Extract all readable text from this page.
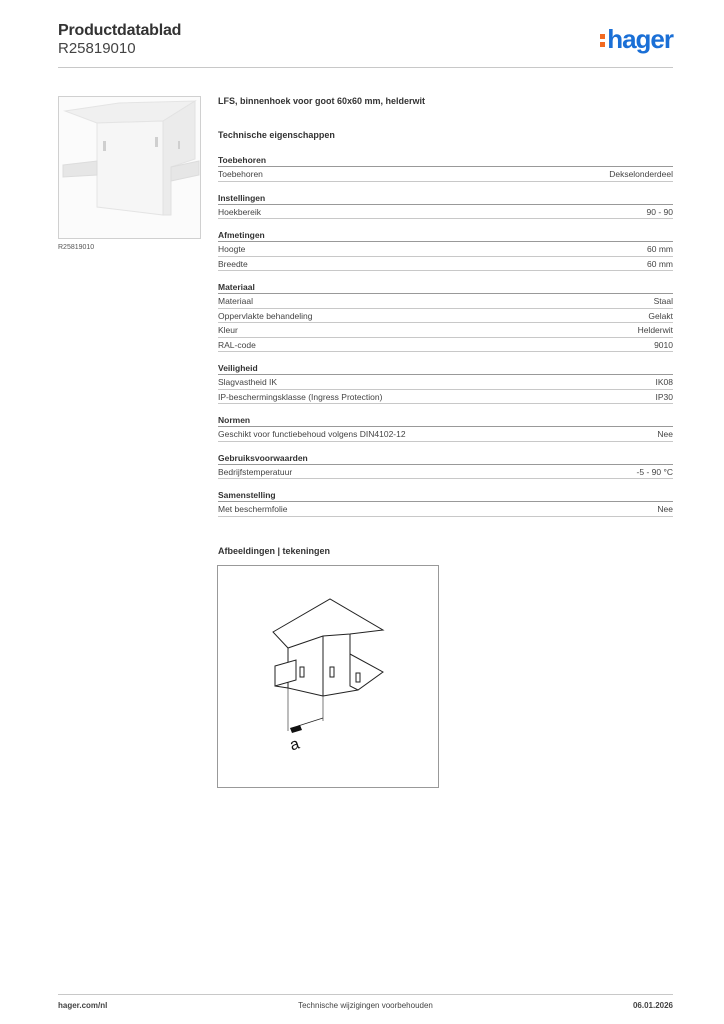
Productdatablad
R25819010	hager
R25819010
LFS, binnenhoek voor goot 60x60 mm, helderwit
Technische eigenschappen
Toebehoren
Toebehoren	Dekselonderdeel
Instellingen
Hoekbereik	90 - 90
Afmetingen
Hoogte	60 mm
Breedte	60 mm
Materiaal
Materiaal	Staal
Oppervlakte behandeling	Gelakt
Kleur	Helderwit
RAL-code	9010
Veiligheid
Slagvastheid IK	IK08
IP-beschermingsklasse (Ingress Protection)	IP30
Normen
Geschikt voor functiebehoud volgens DIN4102-12	Nee
Gebruiksvoorwaarden
Bedrijfstemperatuur	-5 - 90 °C
Samenstelling
Met beschermfolie	Nee
Afbeeldingen | tekeningen
a
hager.com/nl	Technische wijzigingen voorbehouden	06.01.2026
